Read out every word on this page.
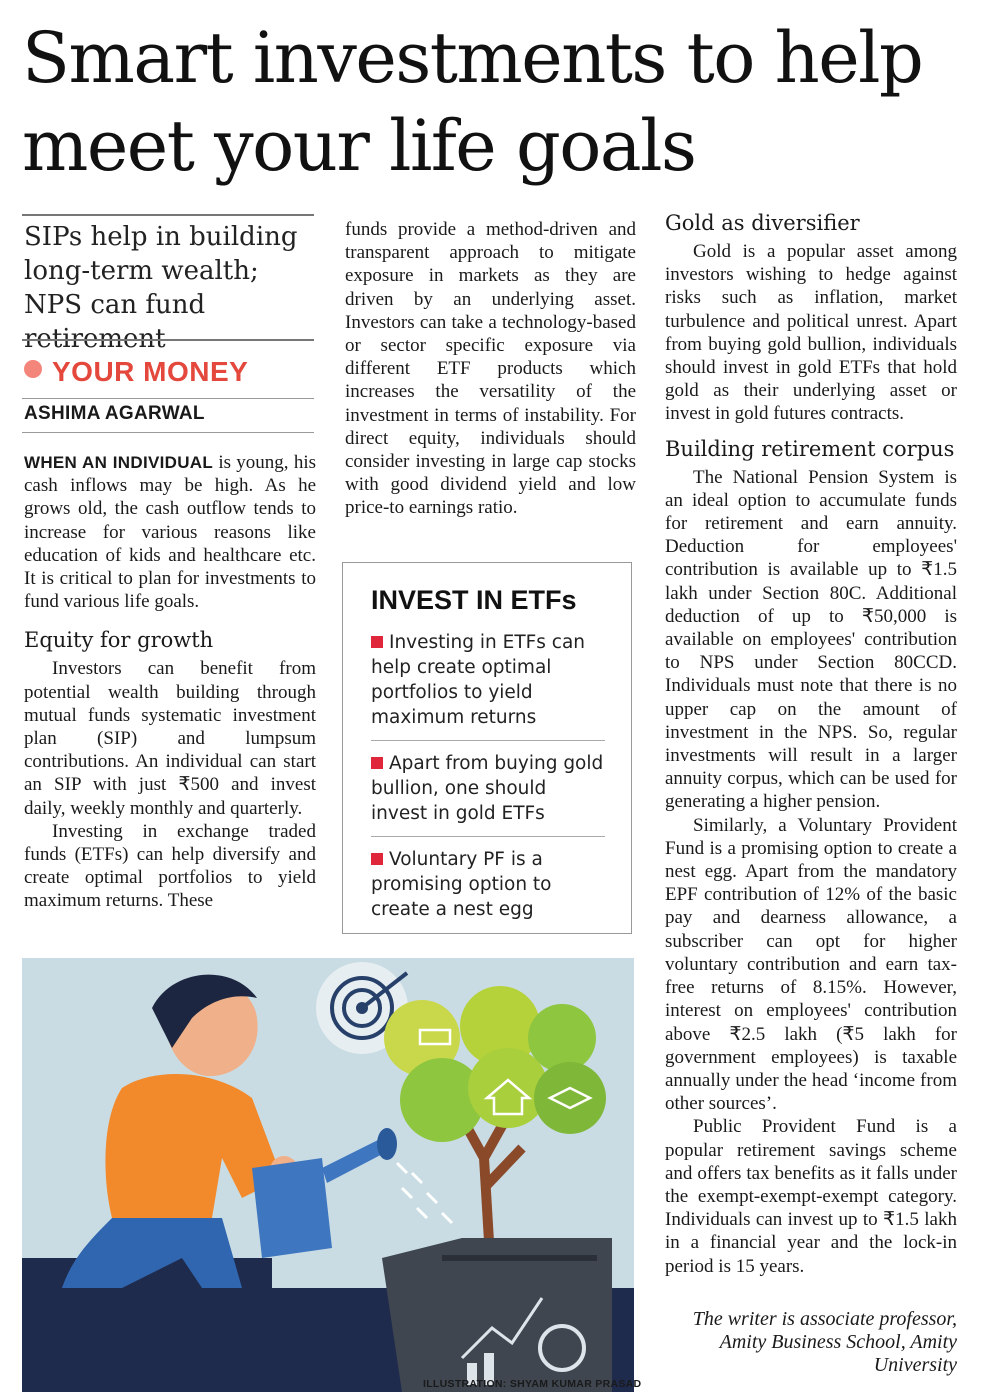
Smart investments to help
meet your life goals
SIPs help in building long-term wealth; NPS can fund retirement
YOUR MONEY
ASHIMA AGARWAL

WHEN AN INDIVIDUAL is young, his cash inflows may be high. As he grows old, the cash outflow tends to increase for various reasons like education of kids and healthcare etc. It is critical to plan for investments to fund various life goals.

Equity for growth

Investors can benefit from potential wealth building through mutual funds systematic investment plan (SIP) and lumpsum contributions. An individual can start an SIP with just ₹500 and invest daily, weekly monthly and quarterly.

Investing in exchange traded funds (ETFs) can help diversify and create optimal portfolios to yield maximum returns. These

funds provide a method-driven and transparent approach to mitigate exposure in markets as they are driven by an underlying asset. Investors can take a technology-based or sector specific exposure via different ETF products which increases the versatility of the investment in terms of instability. For direct equity, individuals should consider investing in large cap stocks with good dividend yield and low price-to earnings ratio.

INVEST IN ETFs
Investing in ETFs can help create optimal portfolios to yield maximum returns
Apart from buying gold bullion, one should invest in gold ETFs
Voluntary PF is a promising option to create a nest egg
Gold as diversifier

Gold is a popular asset among investors wishing to hedge against risks such as inflation, market turbulence and political unrest. Apart from buying gold bullion, individuals should invest in gold ETFs that hold gold as their underlying asset or invest in gold futures contracts.

Building retirement corpus

The National Pension System is an ideal option to accumulate funds for retirement and earn annuity. Deduction for employees' contribution is available up to ₹1.5 lakh under Section 80C. Additional deduction of up to ₹50,000 is available on employees' contribution to NPS under Section 80CCD. Individuals must note that there is no upper cap on the amount of investment in the NPS. So, regular investments will result in a larger annuity corpus, which can be used for generating a higher pension.

Similarly, a Voluntary Provident Fund is a promising option to create a nest egg. Apart from the mandatory EPF contribution of 12% of the basic pay and dearness allowance, a subscriber can opt for higher voluntary contribution and earn tax-free returns of 8.15%. However, interest on employees' contribution above ₹2.5 lakh (₹5 lakh for government employees) is taxable annually under the head ‘income from other sources’.

Public Provident Fund is a popular retirement savings scheme and offers tax benefits as it falls under the exempt-exempt-exempt category. Individuals can invest up to ₹1.5 lakh in a financial year and the lock-in period is 15 years.

The writer is associate professor, Amity Business School, Amity University
ILLUSTRATION: SHYAM KUMAR PRASAD
